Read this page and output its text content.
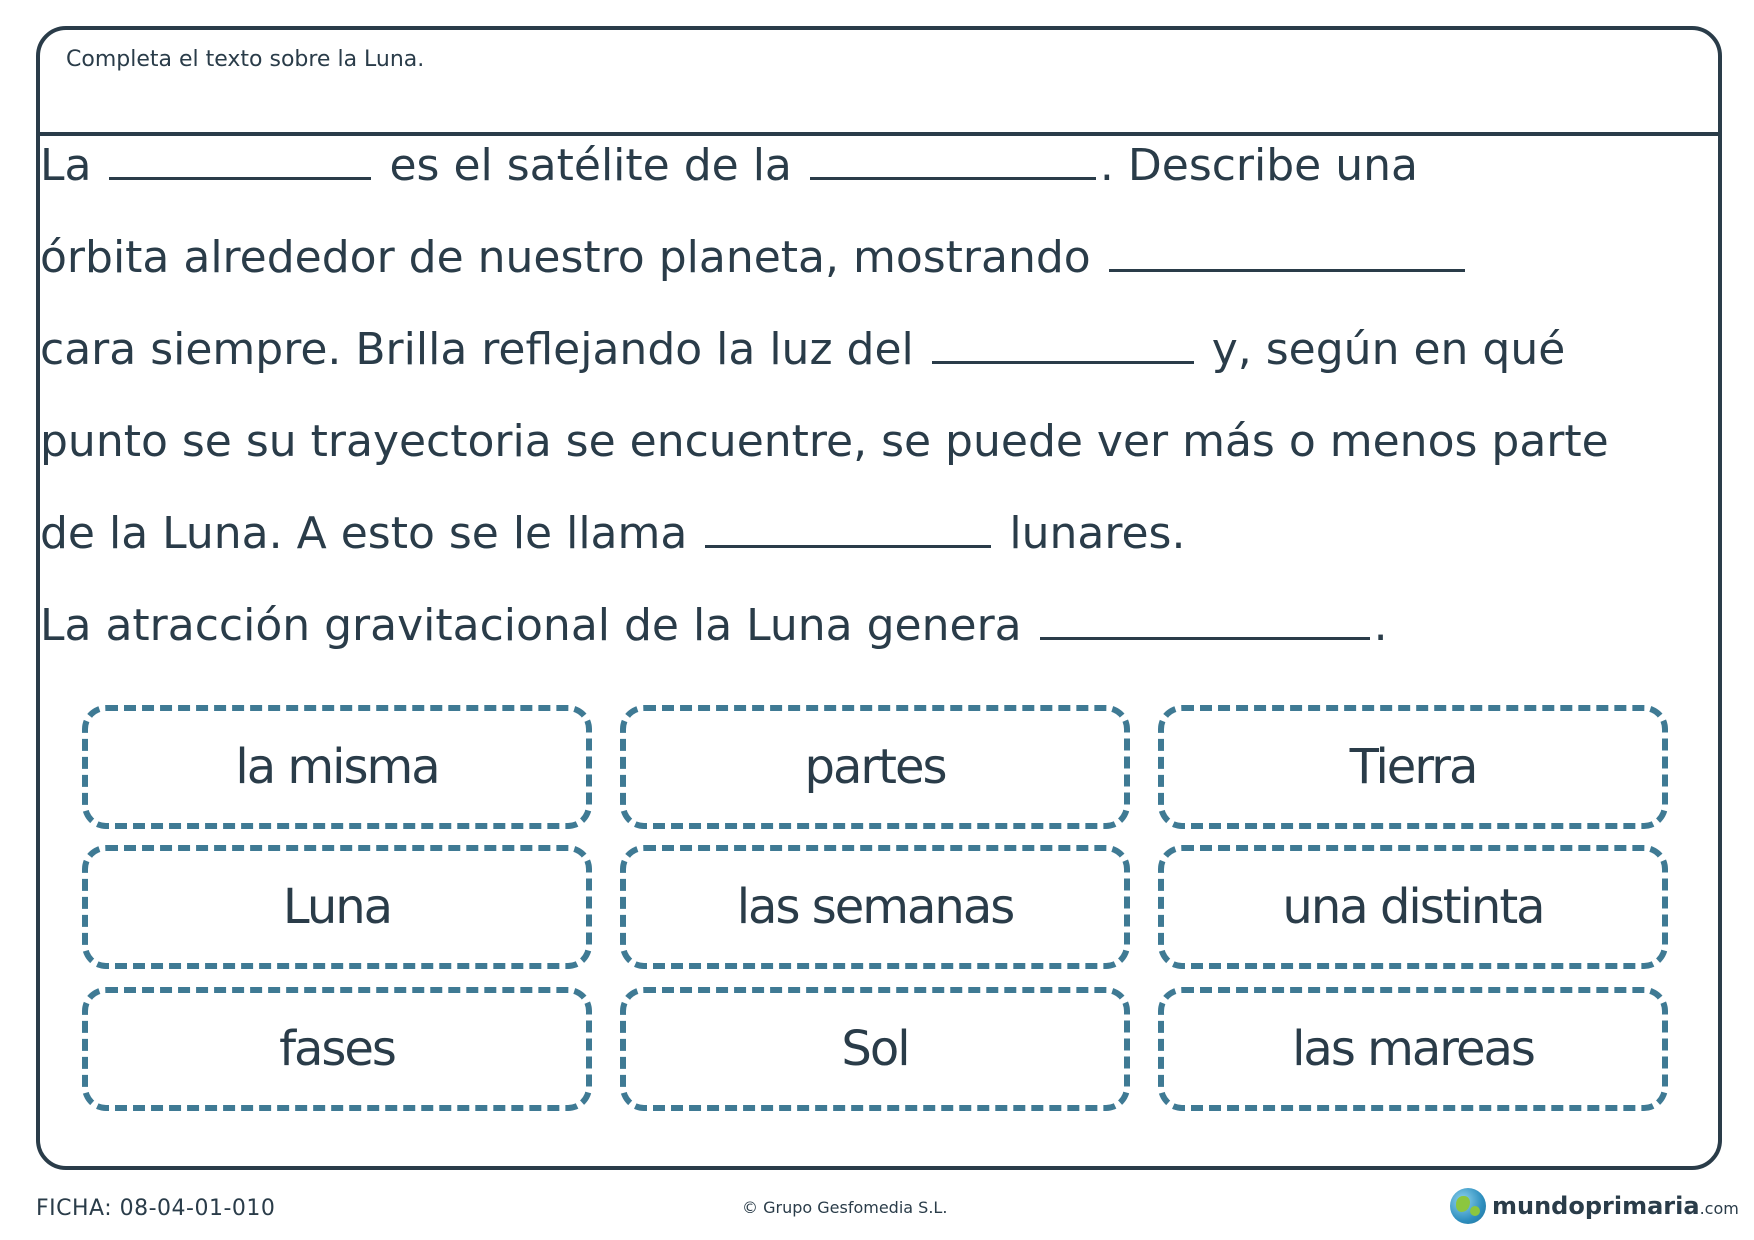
Completa el texto sobre la Luna.
La	es el satélite de la	. Describe una
órbita alrededor de nuestro planeta, mostrando
cara siempre. Brilla reflejando la luz del	y, según en qué
punto se su trayectoria se encuentre, se puede ver más o menos parte
de la Luna. A esto se le llama	lunares.
La atracción gravitacional de la Luna genera	.
la misma	partes	Tierra
Luna	las semanas	una distinta
fases	Sol	las mareas
FICHA: 08-04-01-010	© Grupo Gesfomedia S.L.	mundoprimaria.com
